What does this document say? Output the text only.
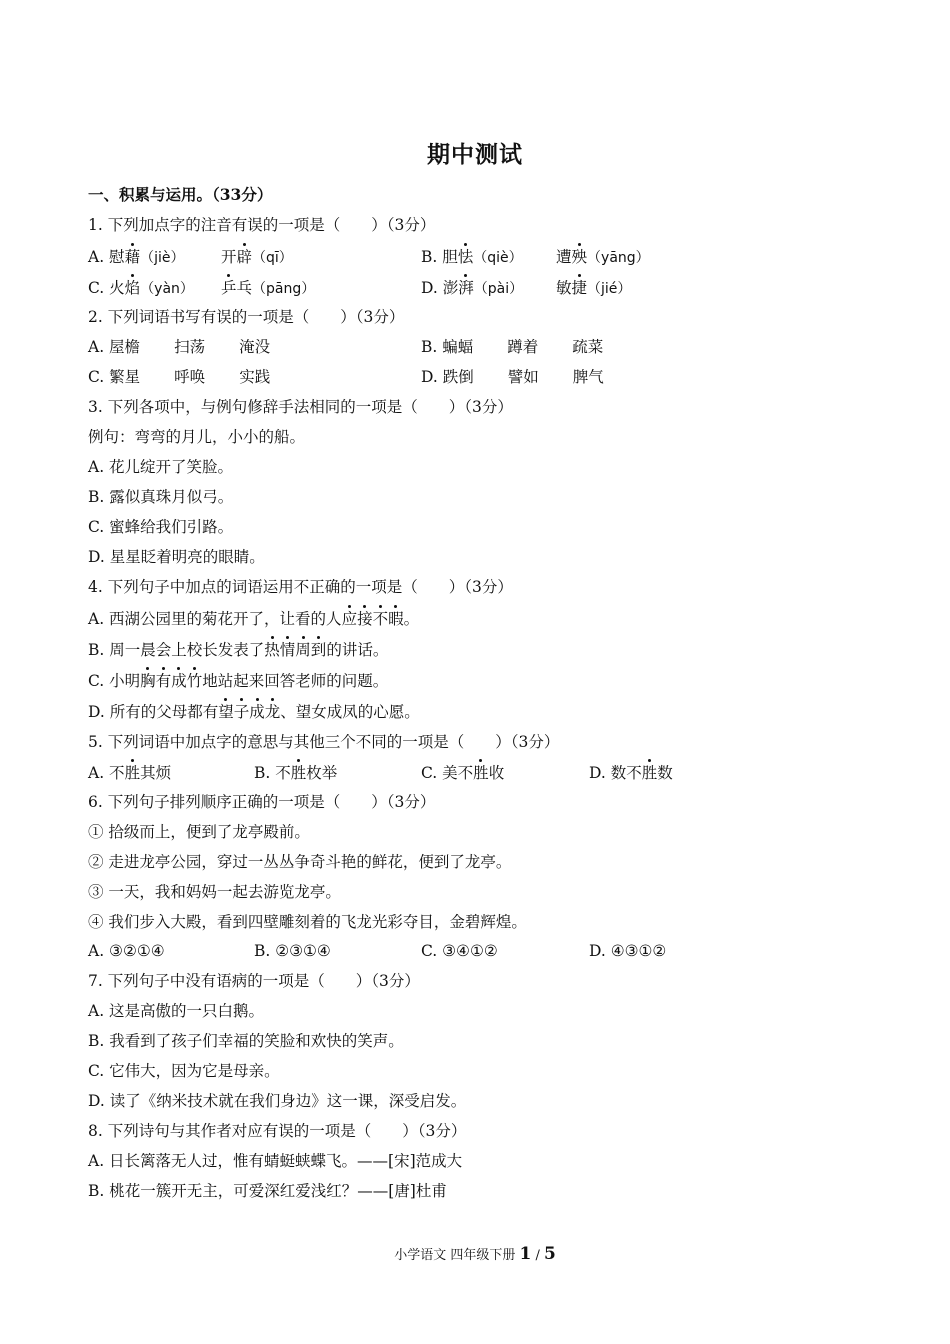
期中测试
一、积累与运用。（33分）
1. 下列加点字的注音有误的一项是（　　）（3分）
A. 慰藉（jiè） 开辟（qī）	B. 胆怯（qiè） 遭殃（yāng）
C. 火焰（yàn） 乒乓（pāng）	D. 澎湃（pài） 敏捷（jié）
2. 下列词语书写有误的一项是（　　）（3分）
A. 屋檐 扫荡 淹没	B. 蝙蝠 蹲着 疏菜
C. 繁星 呼唤 实践	D. 跌倒 譬如 脾气
3. 下列各项中，与例句修辞手法相同的一项是（　　）（3分）
例句：弯弯的月儿，小小的船。
A. 花儿绽开了笑脸。
B. 露似真珠月似弓。
C. 蜜蜂给我们引路。
D. 星星眨着明亮的眼睛。
4. 下列句子中加点的词语运用不正确的一项是（　　）（3分）
A. 西湖公园里的菊花开了，让看的人应接不暇。
B. 周一晨会上校长发表了热情周到的讲话。
C. 小明胸有成竹地站起来回答老师的问题。
D. 所有的父母都有望子成龙、望女成凤的心愿。
5. 下列词语中加点字的意思与其他三个不同的一项是（　　）（3分）
A. 不胜其烦	B. 不胜枚举	C. 美不胜收	D. 数不胜数
6. 下列句子排列顺序正确的一项是（　　）（3分）
① 拾级而上，便到了龙亭殿前。
② 走进龙亭公园，穿过一丛丛争奇斗艳的鲜花，便到了龙亭。
③ 一天，我和妈妈一起去游览龙亭。
④ 我们步入大殿，看到四壁雕刻着的飞龙光彩夺目，金碧辉煌。
A. ③②①④	B. ②③①④	C. ③④①②	D. ④③①②
7. 下列句子中没有语病的一项是（　　）（3分）
A. 这是高傲的一只白鹅。
B. 我看到了孩子们幸福的笑脸和欢快的笑声。
C. 它伟大，因为它是母亲。
D. 读了《纳米技术就在我们身边》这一课，深受启发。
8. 下列诗句与其作者对应有误的一项是（　　）（3分）
A. 日长篱落无人过，惟有蜻蜓蛱蝶飞。——[宋]范成大
B. 桃花一簇开无主，可爱深红爱浅红？——[唐]杜甫
小学语文 四年级下册 1 / 5
